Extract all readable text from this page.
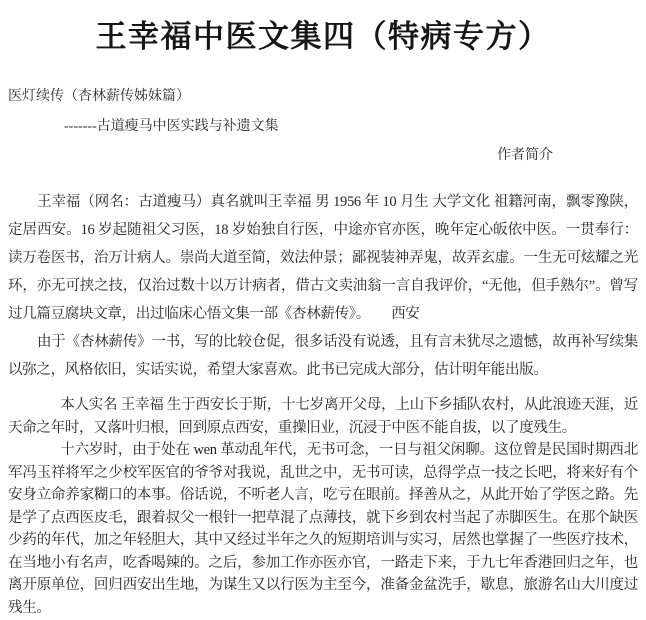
王幸福中医文集四（特病专方）
医灯续传（杏林薪传姊妹篇）
-------古道瘦马中医实践与补遗文集
作者简介

王幸福（网名：古道瘦马）真名就叫王幸福 男 1956 年 10 月生 大学文化 祖籍河南，飘零豫陕，定居西安。16 岁起随祖父习医，18 岁始独自行医，中途亦官亦医，晚年定心皈依中医。一贯奉行：读万卷医书，治万计病人。崇尚大道至简，效法仲景；鄙视装神弄鬼，故弄玄虚。一生无可炫耀之光环，亦无可挟之技，仅治过数十以万计病者，借古文卖油翁一言自我评价，“无他，但手熟尔”。曾写过几篇豆腐块文章，出过临床心悟文集一部《杏林薪传》。　　西安

由于《杏林薪传》一书，写的比较仓促，很多话没有说透，且有言未犹尽之遗憾，故再补写续集以弥之，风格依旧，实话实说，希望大家喜欢。此书已完成大部分，估计明年能出版。

本人实名 王幸福 生于西安长于斯，十七岁离开父母，上山下乡插队农村，从此浪迹天涯，近天命之年时，又落叶归根，回到原点西安，重操旧业，沉浸于中医不能自拔，以了度残生。

十六岁时，由于处在 wen 革动乱年代，无书可念，一日与祖父闲聊。这位曾是民国时期西北军冯玉祥将军之少校军医官的爷爷对我说，乱世之中，无书可读，总得学点一技之长吧，将来好有个安身立命养家糊口的本事。俗话说，不听老人言，吃亏在眼前。择善从之，从此开始了学医之路。先是学了点西医皮毛，跟着叔父一根针一把草混了点薄技，就下乡到农村当起了赤脚医生。在那个缺医少药的年代，加之年轻胆大，其中又经过半年之久的短期培训与实习，居然也掌握了一些医疗技术，在当地小有名声，吃香喝辣的。之后，参加工作亦医亦官，一路走下来，于九七年香港回归之年，也离开原单位，回归西安出生地，为谋生又以行医为主至今，准备金盆洗手，歇息，旅游名山大川度过残生。
